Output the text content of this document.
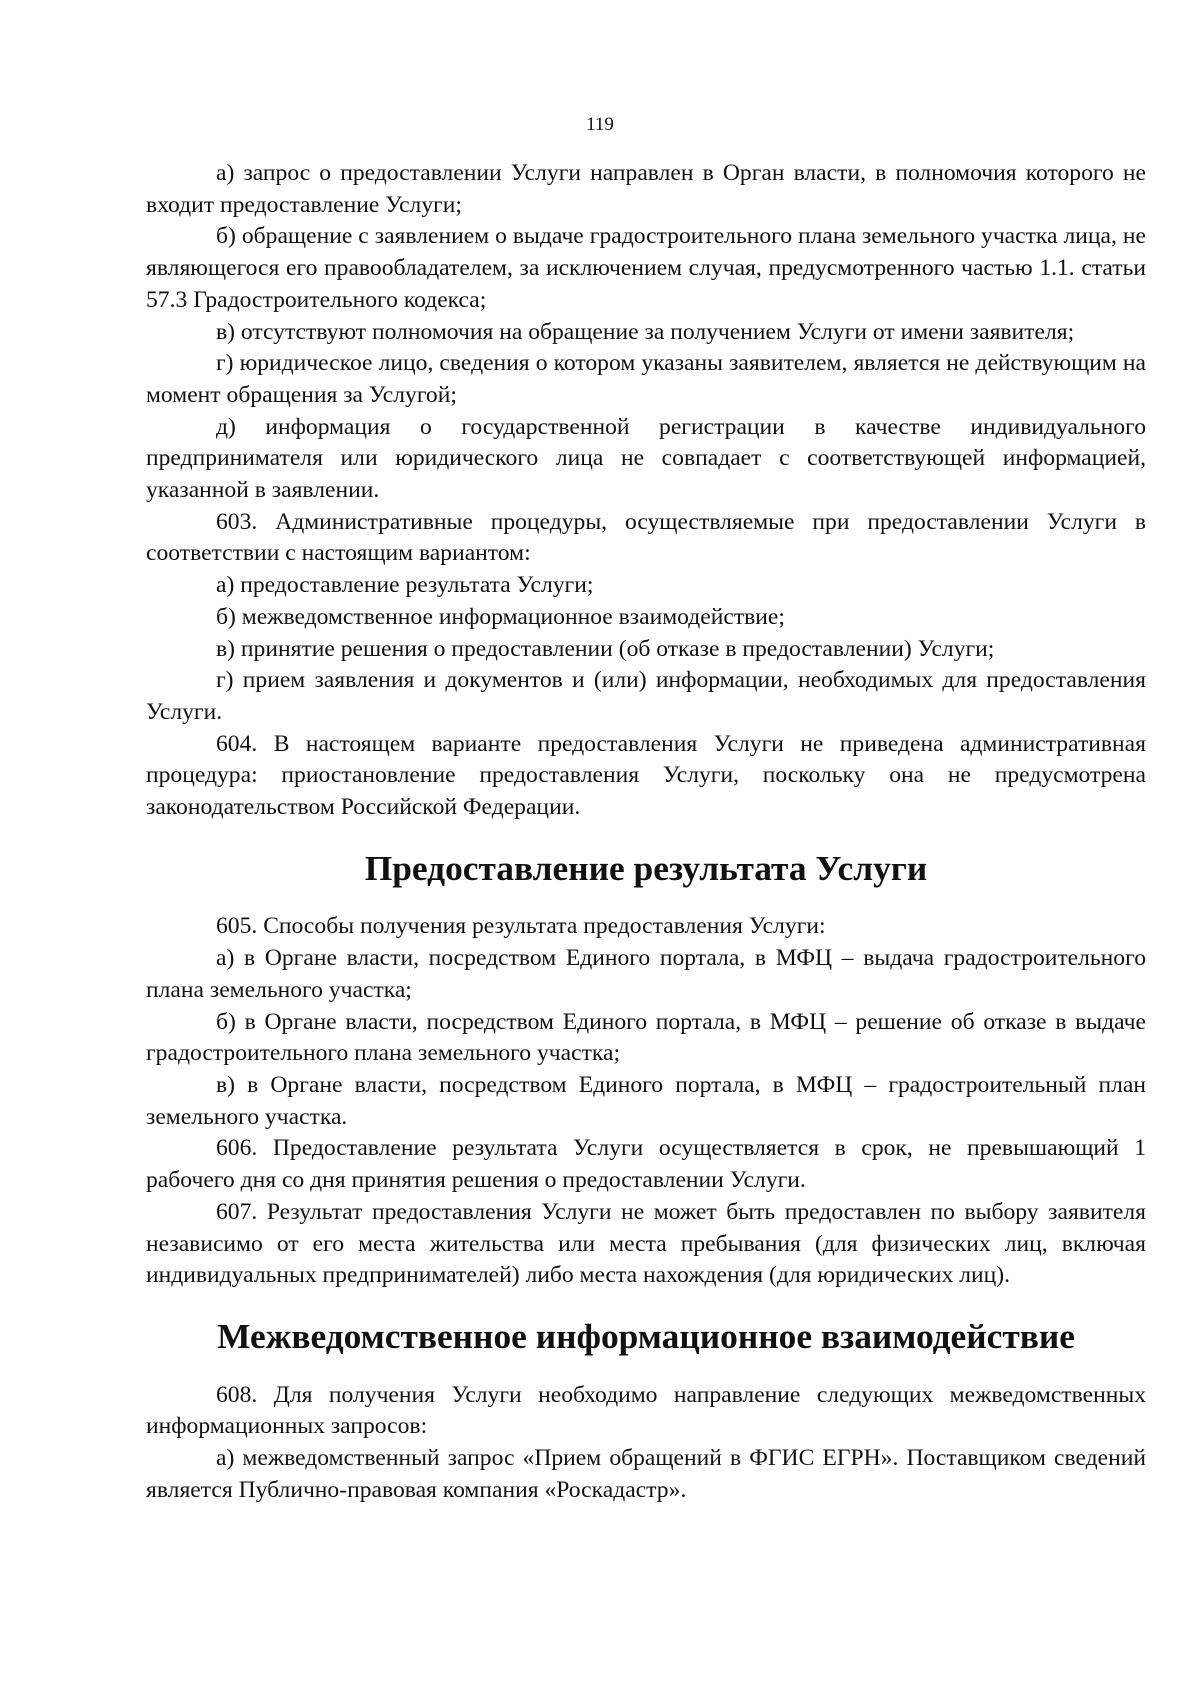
119

а) запрос о предоставлении Услуги направлен в Орган власти, в полномочия которого не входит предоставление Услуги;

б) обращение с заявлением о выдаче градостроительного плана земельного участка лица, не являющегося его правообладателем, за исключением случая, предусмотренного частью 1.1. статьи 57.3 Градостроительного кодекса;

в) отсутствуют полномочия на обращение за получением Услуги от имени заявителя;

г) юридическое лицо, сведения о котором указаны заявителем, является не действующим на момент обращения за Услугой;

д) информация о государственной регистрации в качестве индивидуального предпринимателя или юридического лица не совпадает с соответствующей информацией, указанной в заявлении.

603. Административные процедуры, осуществляемые при предоставлении Услуги в соответствии с настоящим вариантом:

а) предоставление результата Услуги;

б) межведомственное информационное взаимодействие;

в) принятие решения о предоставлении (об отказе в предоставлении) Услуги;

г) прием заявления и документов и (или) информации, необходимых для предоставления Услуги.

604. В настоящем варианте предоставления Услуги не приведена административная процедура: приостановление предоставления Услуги, поскольку она не предусмотрена законодательством Российской Федерации.

Предоставление результата Услуги

605. Способы получения результата предоставления Услуги:

а) в Органе власти, посредством Единого портала, в МФЦ – выдача градостроительного плана земельного участка;

б) в Органе власти, посредством Единого портала, в МФЦ – решение об отказе в выдаче градостроительного плана земельного участка;

в) в Органе власти, посредством Единого портала, в МФЦ – градостроительный план земельного участка.

606. Предоставление результата Услуги осуществляется в срок, не превышающий 1 рабочего дня со дня принятия решения о предоставлении Услуги.

607. Результат предоставления Услуги не может быть предоставлен по выбору заявителя независимо от его места жительства или места пребывания (для физических лиц, включая индивидуальных предпринимателей) либо места нахождения (для юридических лиц).

Межведомственное информационное взаимодействие

608. Для получения Услуги необходимо направление следующих межведомственных информационных запросов:

а) межведомственный запрос «Прием обращений в ФГИС ЕГРН». Поставщиком сведений является Публично-правовая компания «Роскадастр».
